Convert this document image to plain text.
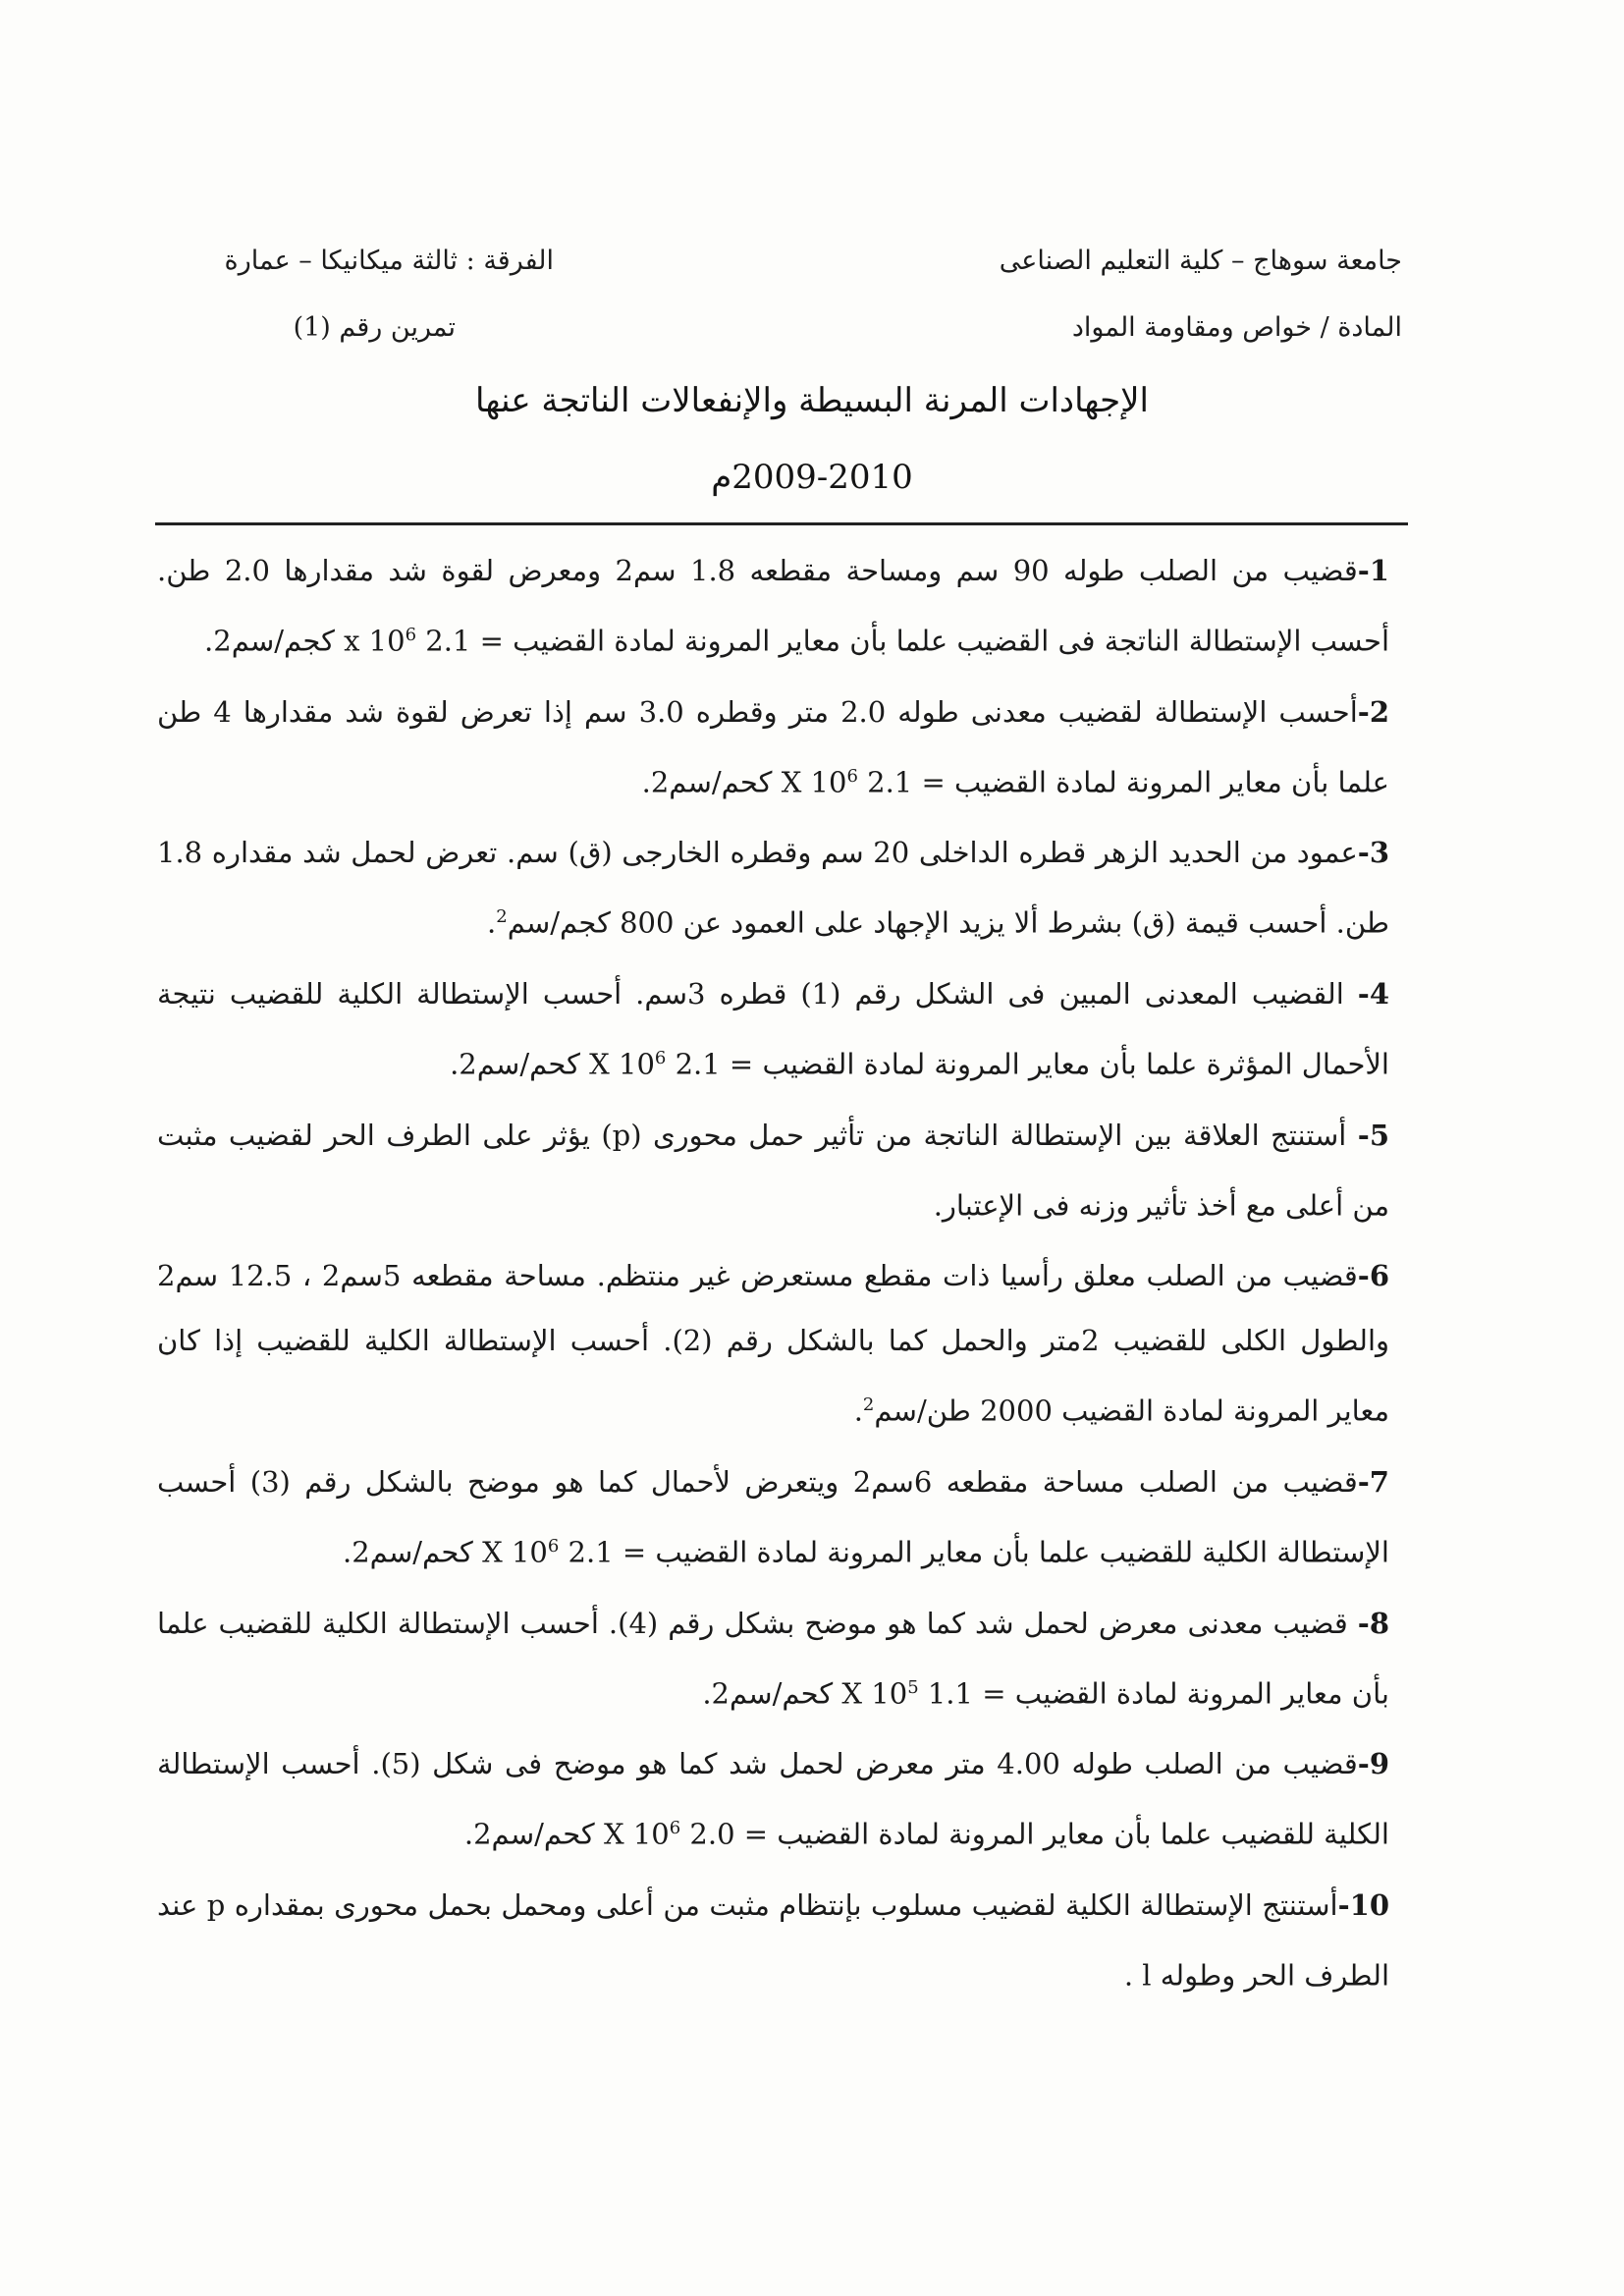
جامعة سوهاج – كلية التعليم الصناعى
المادة / خواص ومقاومة المواد
الفرقة : ثالثة ميكانيكا – عمارة
تمرين رقم (1)
الإجهادات المرنة البسيطة والإنفعالات الناتجة عنها
2009-2010م
1-قضيب من الصلب طوله 90 سم ومساحة مقطعه 1.8 سم2 ومعرض لقوة شد مقدارها 2.0 طن. أحسب الإستطالة الناتجة فى القضيب علما بأن معاير المرونة لمادة القضيب = 2.1 x $10^6$ كجم/سم2.
2-أحسب الإستطالة لقضيب معدنى طوله 2.0 متر وقطره 3.0 سم إذا تعرض لقوة شد مقدارها 4 طن علما بأن معاير المرونة لمادة القضيب = 2.1 X $10^6$ كحم/سم2.
3-عمود من الحديد الزهر قطره الداخلى 20 سم وقطره الخارجى (ق) سم. تعرض لحمل شد مقداره 1.8 طن. أحسب قيمة (ق) بشرط ألا يزيد الإجهاد على العمود عن 800 كجم/سم$^2$.
4- القضيب المعدنى المبين فى الشكل رقم (1) قطره 3سم. أحسب الإستطالة الكلية للقضيب نتيجة الأحمال المؤثرة علما بأن معاير المرونة لمادة القضيب = 2.1 X $10^6$ كحم/سم2.
5- أستنتج العلاقة بين الإستطالة الناتجة من تأثير حمل محورى (p) يؤثر على الطرف الحر لقضيب مثبت من أعلى مع أخذ تأثير وزنه فى الإعتبار.
6-قضيب من الصلب معلق رأسيا ذات مقطع مستعرض غير منتظم. مساحة مقطعه 5سم2 ، 12.5 سم2 والطول الكلى للقضيب 2متر والحمل كما بالشكل رقم (2). أحسب الإستطالة الكلية للقضيب إذا كان معاير المرونة لمادة القضيب 2000 طن/سم$^2$.
7-قضيب من الصلب مساحة مقطعه 6سم2 ويتعرض لأحمال كما هو موضح بالشكل رقم (3) أحسب الإستطالة الكلية للقضيب علما بأن معاير المرونة لمادة القضيب = 2.1 X $10^6$ كحم/سم2.
8- قضيب معدنى معرض لحمل شد كما هو موضح بشكل رقم (4). أحسب الإستطالة الكلية للقضيب علما بأن معاير المرونة لمادة القضيب = 1.1 X $10^5$ كحم/سم2.
9-قضيب من الصلب طوله 4.00 متر معرض لحمل شد كما هو موضح فى شكل (5). أحسب الإستطالة الكلية للقضيب علما بأن معاير المرونة لمادة القضيب = 2.0 X $10^6$ كحم/سم2.
10-أستنتج الإستطالة الكلية لقضيب مسلوب بإنتظام مثبت من أعلى ومحمل بحمل محورى بمقداره p عند الطرف الحر وطوله l .
